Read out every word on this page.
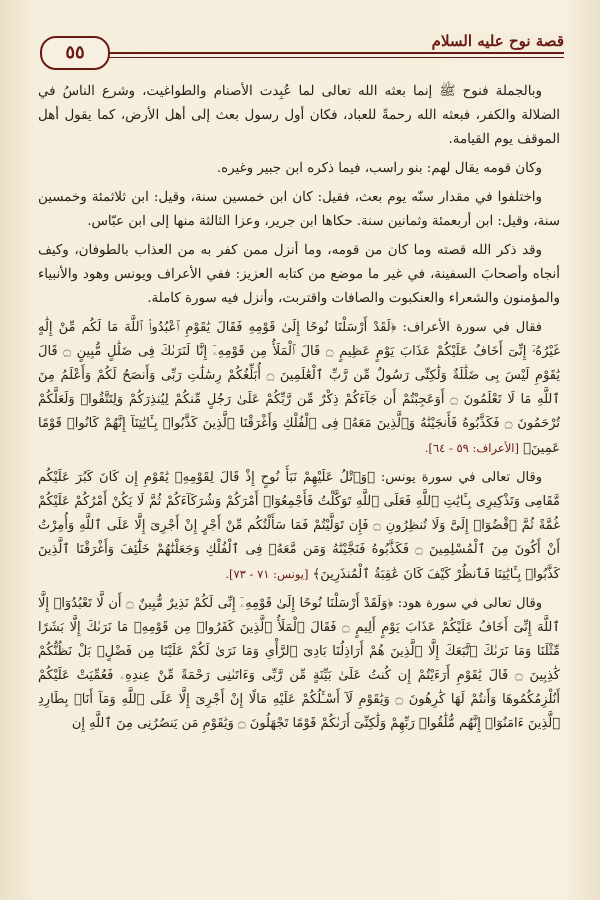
قصة نوح عليه السلام
٥٥

وبالجملة فنوح ﷺ إنما بعثه الله تعالى لما عُبِدت الأصنام والطواغيت، وشرع الناسُ في الضلالة والكفر، فبعثه الله رحمةً للعباد، فكان أول رسول بعث إلى أهل الأرض، كما يقول أهل الموقف يوم القيامة.

وكان قومه يقال لهم: بنو راسب، فيما ذكره ابن جبير وغيره.

واختلفوا في مقدار سنّه يوم بعث، فقيل: كان ابن خمسين سنة، وقيل: ابن ثلاثمئة وخمسين سنة، وقيل: ابن أربعمئة وثمانين سنة. حكاها ابن جرير، وعزا الثالثة منها إلى ابن عبّاس.

وقد ذكر الله قصته وما كان من قومه، وما أنزل ممن كفر به من العذاب بالطوفان، وكيف أنجاه وأصحابَ السفينة، في غير ما موضع من كتابه العزيز: ففي الأعراف ويونس وهود والأنبياء والمؤمنون والشعراء والعنكبوت والصافات واقتربت، وأنزل فيه سورة كاملة.

فقال في سورة الأعراف: ﴿لَقَدْ أَرْسَلْنَا نُوحًا إِلَىٰ قَوْمِهِ فَقَالَ يَٰقَوْمِ ٱعْبُدُوا۟ ٱللَّهَ مَا لَكُم مِّنْ إِلَٰهٍ غَيْرُهُۥٓ إِنِّىٓ أَخَافُ عَلَيْكُمْ عَذَابَ يَوْمٍ عَظِيمٍ ۝ قَالَ ٱلْمَلَأُ مِن قَوْمِهِۦٓ إِنَّا لَنَرَىٰكَ فِى ضَلَٰلٍ مُّبِينٍ ۝ قَالَ يَٰقَوْمِ لَيْسَ بِى ضَلَٰلَةٌ وَلَٰكِنِّى رَسُولٌ مِّن رَّبِّ ٱلْعَٰلَمِينَ ۝ أُبَلِّغُكُمْ رِسَٰلَٰتِ رَبِّى وَأَنصَحُ لَكُمْ وَأَعْلَمُ مِنَ ٱللَّهِ مَا لَا تَعْلَمُونَ ۝ أَوَعَجِبْتُمْ أَن جَآءَكُمْ ذِكْرٌ مِّن رَّبِّكُمْ عَلَىٰ رَجُلٍ مِّنكُمْ لِيُنذِرَكُمْ وَلِتَتَّقُوا۟ وَلَعَلَّكُمْ تُرْحَمُونَ ۝ فَكَذَّبُوهُ فَأَنجَيْنَٰهُ وَٱلَّذِينَ مَعَهُۥ فِى ٱلْفُلْكِ وَأَغْرَقْنَا ٱلَّذِينَ كَذَّبُوا۟ بِـَٔايَٰتِنَآ إِنَّهُمْ كَانُوا۟ قَوْمًا عَمِينَ﴾ [الأعراف: ٥٩ - ٦٤].

وقال تعالى في سورة يونس: ﴿وَٱتْلُ عَلَيْهِمْ نَبَأَ نُوحٍ إِذْ قَالَ لِقَوْمِهِۦ يَٰقَوْمِ إِن كَانَ كَبُرَ عَلَيْكُم مَّقَامِى وَتَذْكِيرِى بِـَٔايَٰتِ ٱللَّهِ فَعَلَى ٱللَّهِ تَوَكَّلْتُ فَأَجْمِعُوٓا۟ أَمْرَكُمْ وَشُرَكَآءَكُمْ ثُمَّ لَا يَكُنْ أَمْرُكُمْ عَلَيْكُمْ غُمَّةً ثُمَّ ٱقْضُوٓا۟ إِلَىَّ وَلَا تُنظِرُونِ ۝ فَإِن تَوَلَّيْتُمْ فَمَا سَأَلْتُكُم مِّنْ أَجْرٍ إِنْ أَجْرِىَ إِلَّا عَلَى ٱللَّهِ وَأُمِرْتُ أَنْ أَكُونَ مِنَ ٱلْمُسْلِمِينَ ۝ فَكَذَّبُوهُ فَنَجَّيْنَٰهُ وَمَن مَّعَهُۥ فِى ٱلْفُلْكِ وَجَعَلْنَٰهُمْ خَلَٰٓئِفَ وَأَغْرَقْنَا ٱلَّذِينَ كَذَّبُوا۟ بِـَٔايَٰتِنَا فَٱنظُرْ كَيْفَ كَانَ عَٰقِبَةُ ٱلْمُنذَرِينَ﴾ [يونس: ٧١ - ٧٣].

وقال تعالى في سورة هود: ﴿وَلَقَدْ أَرْسَلْنَا نُوحًا إِلَىٰ قَوْمِهِۦٓ إِنِّى لَكُمْ نَذِيرٌ مُّبِينٌ ۝ أَن لَّا تَعْبُدُوٓا۟ إِلَّا ٱللَّهَ إِنِّىٓ أَخَافُ عَلَيْكُمْ عَذَابَ يَوْمٍ أَلِيمٍ ۝ فَقَالَ ٱلْمَلَأُ ٱلَّذِينَ كَفَرُوا۟ مِن قَوْمِهِۦ مَا نَرَىٰكَ إِلَّا بَشَرًا مِّثْلَنَا وَمَا نَرَىٰكَ ٱتَّبَعَكَ إِلَّا ٱلَّذِينَ هُمْ أَرَاذِلُنَا بَادِىَ ٱلرَّأْىِ وَمَا نَرَىٰ لَكُمْ عَلَيْنَا مِن فَضْلٍۭ بَلْ نَظُنُّكُمْ كَٰذِبِينَ ۝ قَالَ يَٰقَوْمِ أَرَءَيْتُمْ إِن كُنتُ عَلَىٰ بَيِّنَةٍ مِّن رَّبِّى وَءَاتَىٰنِى رَحْمَةً مِّنْ عِندِهِۦ فَعُمِّيَتْ عَلَيْكُمْ أَنُلْزِمُكُمُوهَا وَأَنتُمْ لَهَا كَٰرِهُونَ ۝ وَيَٰقَوْمِ لَآ أَسْـَٔلُكُمْ عَلَيْهِ مَالًا إِنْ أَجْرِىَ إِلَّا عَلَى ٱللَّهِ وَمَآ أَنَا۠ بِطَارِدِ ٱلَّذِينَ ءَامَنُوٓا۟ إِنَّهُم مُّلَٰقُوا۟ رَبِّهِمْ وَلَٰكِنِّىٓ أَرَىٰكُمْ قَوْمًا تَجْهَلُونَ ۝ وَيَٰقَوْمِ مَن يَنصُرُنِى مِنَ ٱللَّهِ إِن
